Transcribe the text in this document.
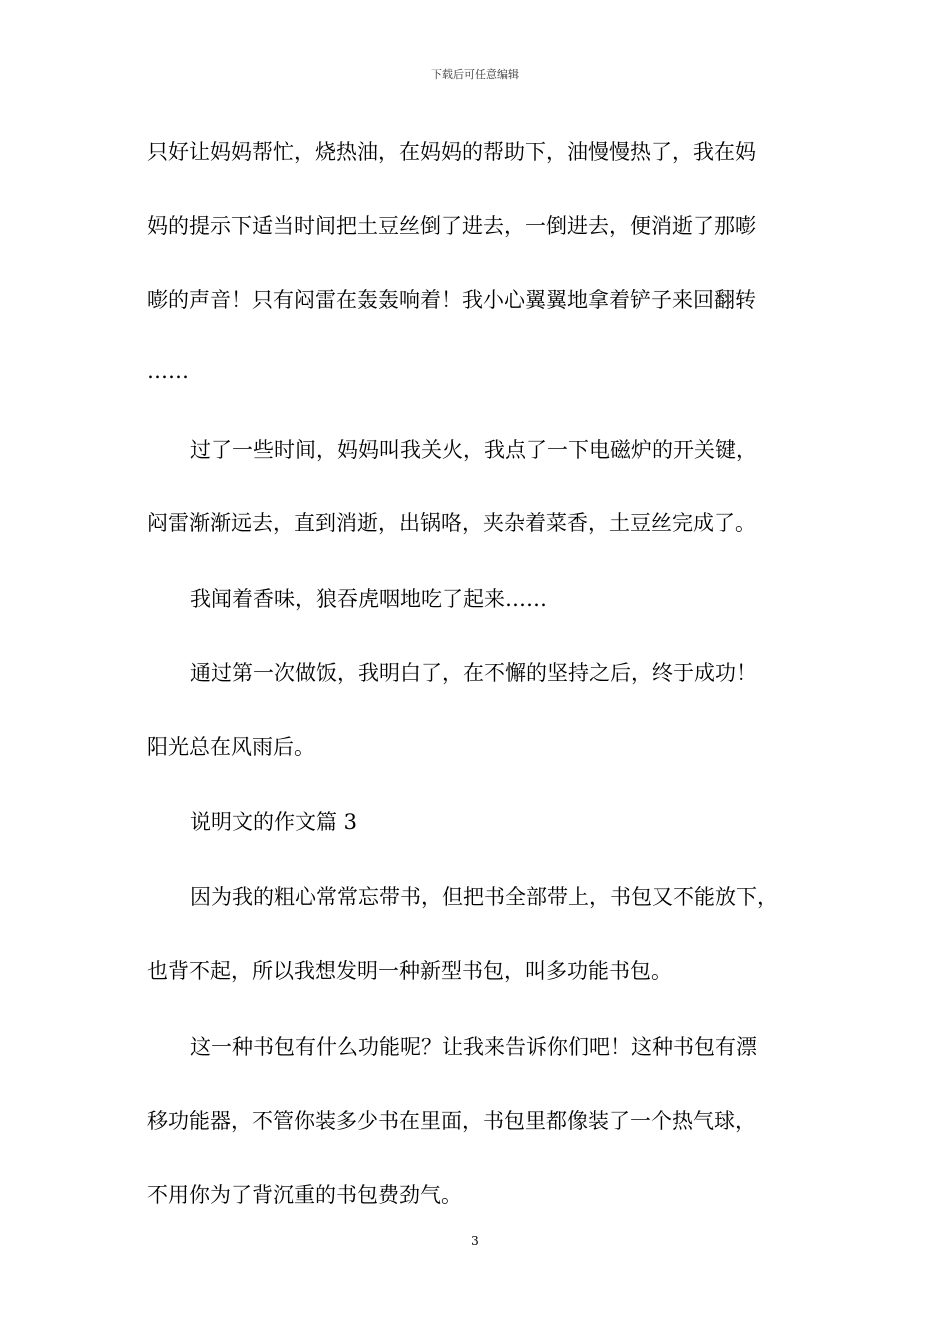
下载后可任意编辑
只好让妈妈帮忙，烧热油，在妈妈的帮助下，油慢慢热了，我在妈
妈的提示下适当时间把土豆丝倒了进去，一倒进去，便消逝了那嘭
嘭的声音！只有闷雷在轰轰响着！我小心翼翼地拿着铲子来回翻转
……
过了一些时间，妈妈叫我关火，我点了一下电磁炉的开关键，
闷雷渐渐远去，直到消逝，出锅咯，夹杂着菜香，土豆丝完成了。
我闻着香味，狼吞虎咽地吃了起来……
通过第一次做饭，我明白了，在不懈的坚持之后，终于成功！
阳光总在风雨后。
说明文的作文篇 3
因为我的粗心常常忘带书，但把书全部带上，书包又不能放下，
也背不起，所以我想发明一种新型书包，叫多功能书包。
这一种书包有什么功能呢？让我来告诉你们吧！这种书包有漂
移功能器，不管你装多少书在里面，书包里都像装了一个热气球，
不用你为了背沉重的书包费劲气。
3
